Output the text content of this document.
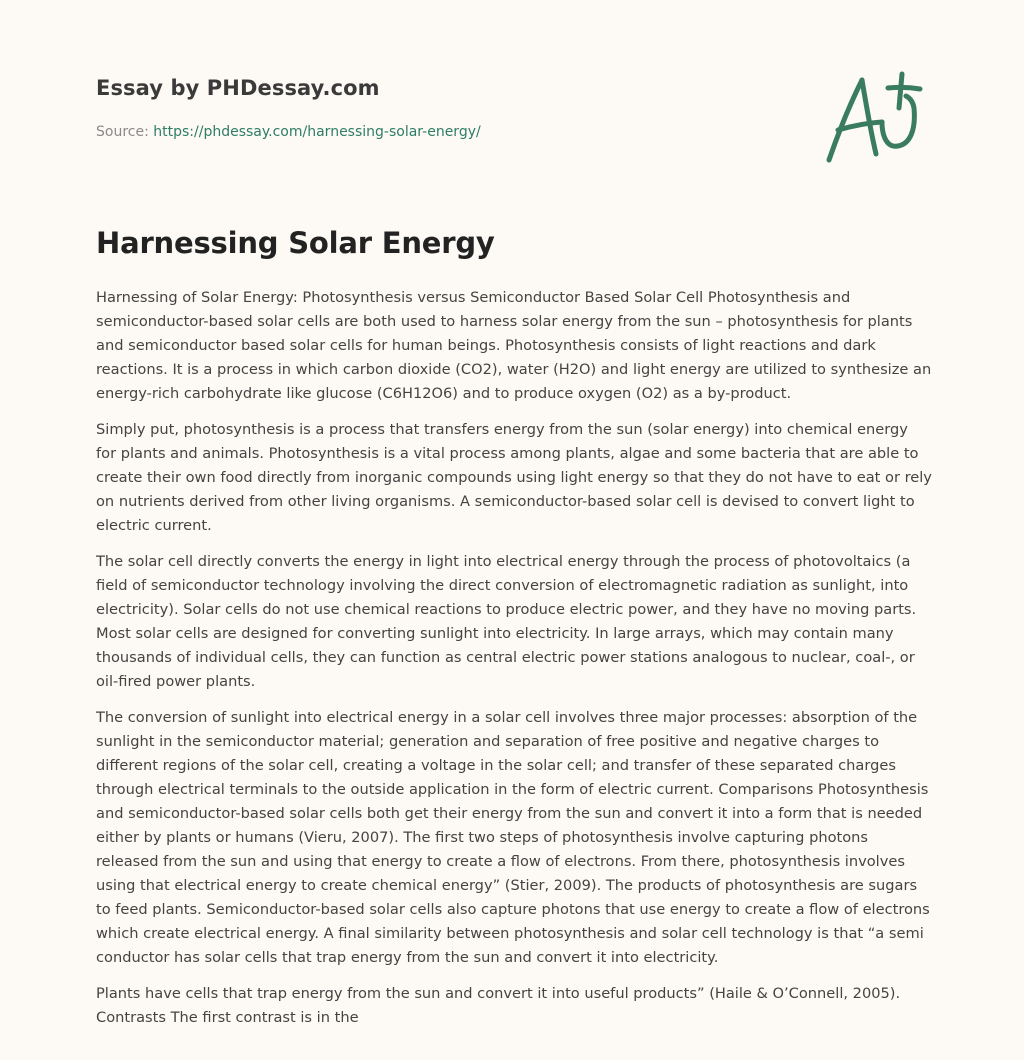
Essay by PHDessay.com
Source: https://phdessay.com/harnessing-solar-energy/
Harnessing Solar Energy

Harnessing of Solar Energy: Photosynthesis versus Semiconductor Based Solar Cell Photosynthesis and semiconductor-based solar cells are both used to harness solar energy from the sun – photosynthesis for plants and semiconductor based solar cells for human beings. Photosynthesis consists of light reactions and dark reactions. It is a process in which carbon dioxide (CO2), water (H2O) and light energy are utilized to synthesize an energy-rich carbohydrate like glucose (C6H12O6) and to produce oxygen (O2) as a by-product.

Simply put, photosynthesis is a process that transfers energy from the sun (solar energy) into chemical energy for plants and animals. Photosynthesis is a vital process among plants, algae and some bacteria that are able to create their own food directly from inorganic compounds using light energy so that they do not have to eat or rely on nutrients derived from other living organisms. A semiconductor-based solar cell is devised to convert light to electric current.

The solar cell directly converts the energy in light into electrical energy through the process of photovoltaics (a field of semiconductor technology involving the direct conversion of electromagnetic radiation as sunlight, into electricity). Solar cells do not use chemical reactions to produce electric power, and they have no moving parts. Most solar cells are designed for converting sunlight into electricity. In large arrays, which may contain many thousands of individual cells, they can function as central electric power stations analogous to nuclear, coal-, or oil-fired power plants.

The conversion of sunlight into electrical energy in a solar cell involves three major processes: absorption of the sunlight in the semiconductor material; generation and separation of free positive and negative charges to different regions of the solar cell, creating a voltage in the solar cell; and transfer of these separated charges through electrical terminals to the outside application in the form of electric current. Comparisons Photosynthesis and semiconductor-based solar cells both get their energy from the sun and convert it into a form that is needed either by plants or humans (Vieru, 2007). The first two steps of photosynthesis involve capturing photons released from the sun and using that energy to create a flow of electrons. From there, photosynthesis involves using that electrical energy to create chemical energy” (Stier, 2009). The products of photosynthesis are sugars to feed plants. Semiconductor-based solar cells also capture photons that use energy to create a flow of electrons which create electrical energy. A final similarity between photosynthesis and solar cell technology is that “a semi conductor has solar cells that trap energy from the sun and convert it into electricity.

Plants have cells that trap energy from the sun and convert it into useful products” (Haile & O’Connell, 2005). Contrasts The first contrast is in the
